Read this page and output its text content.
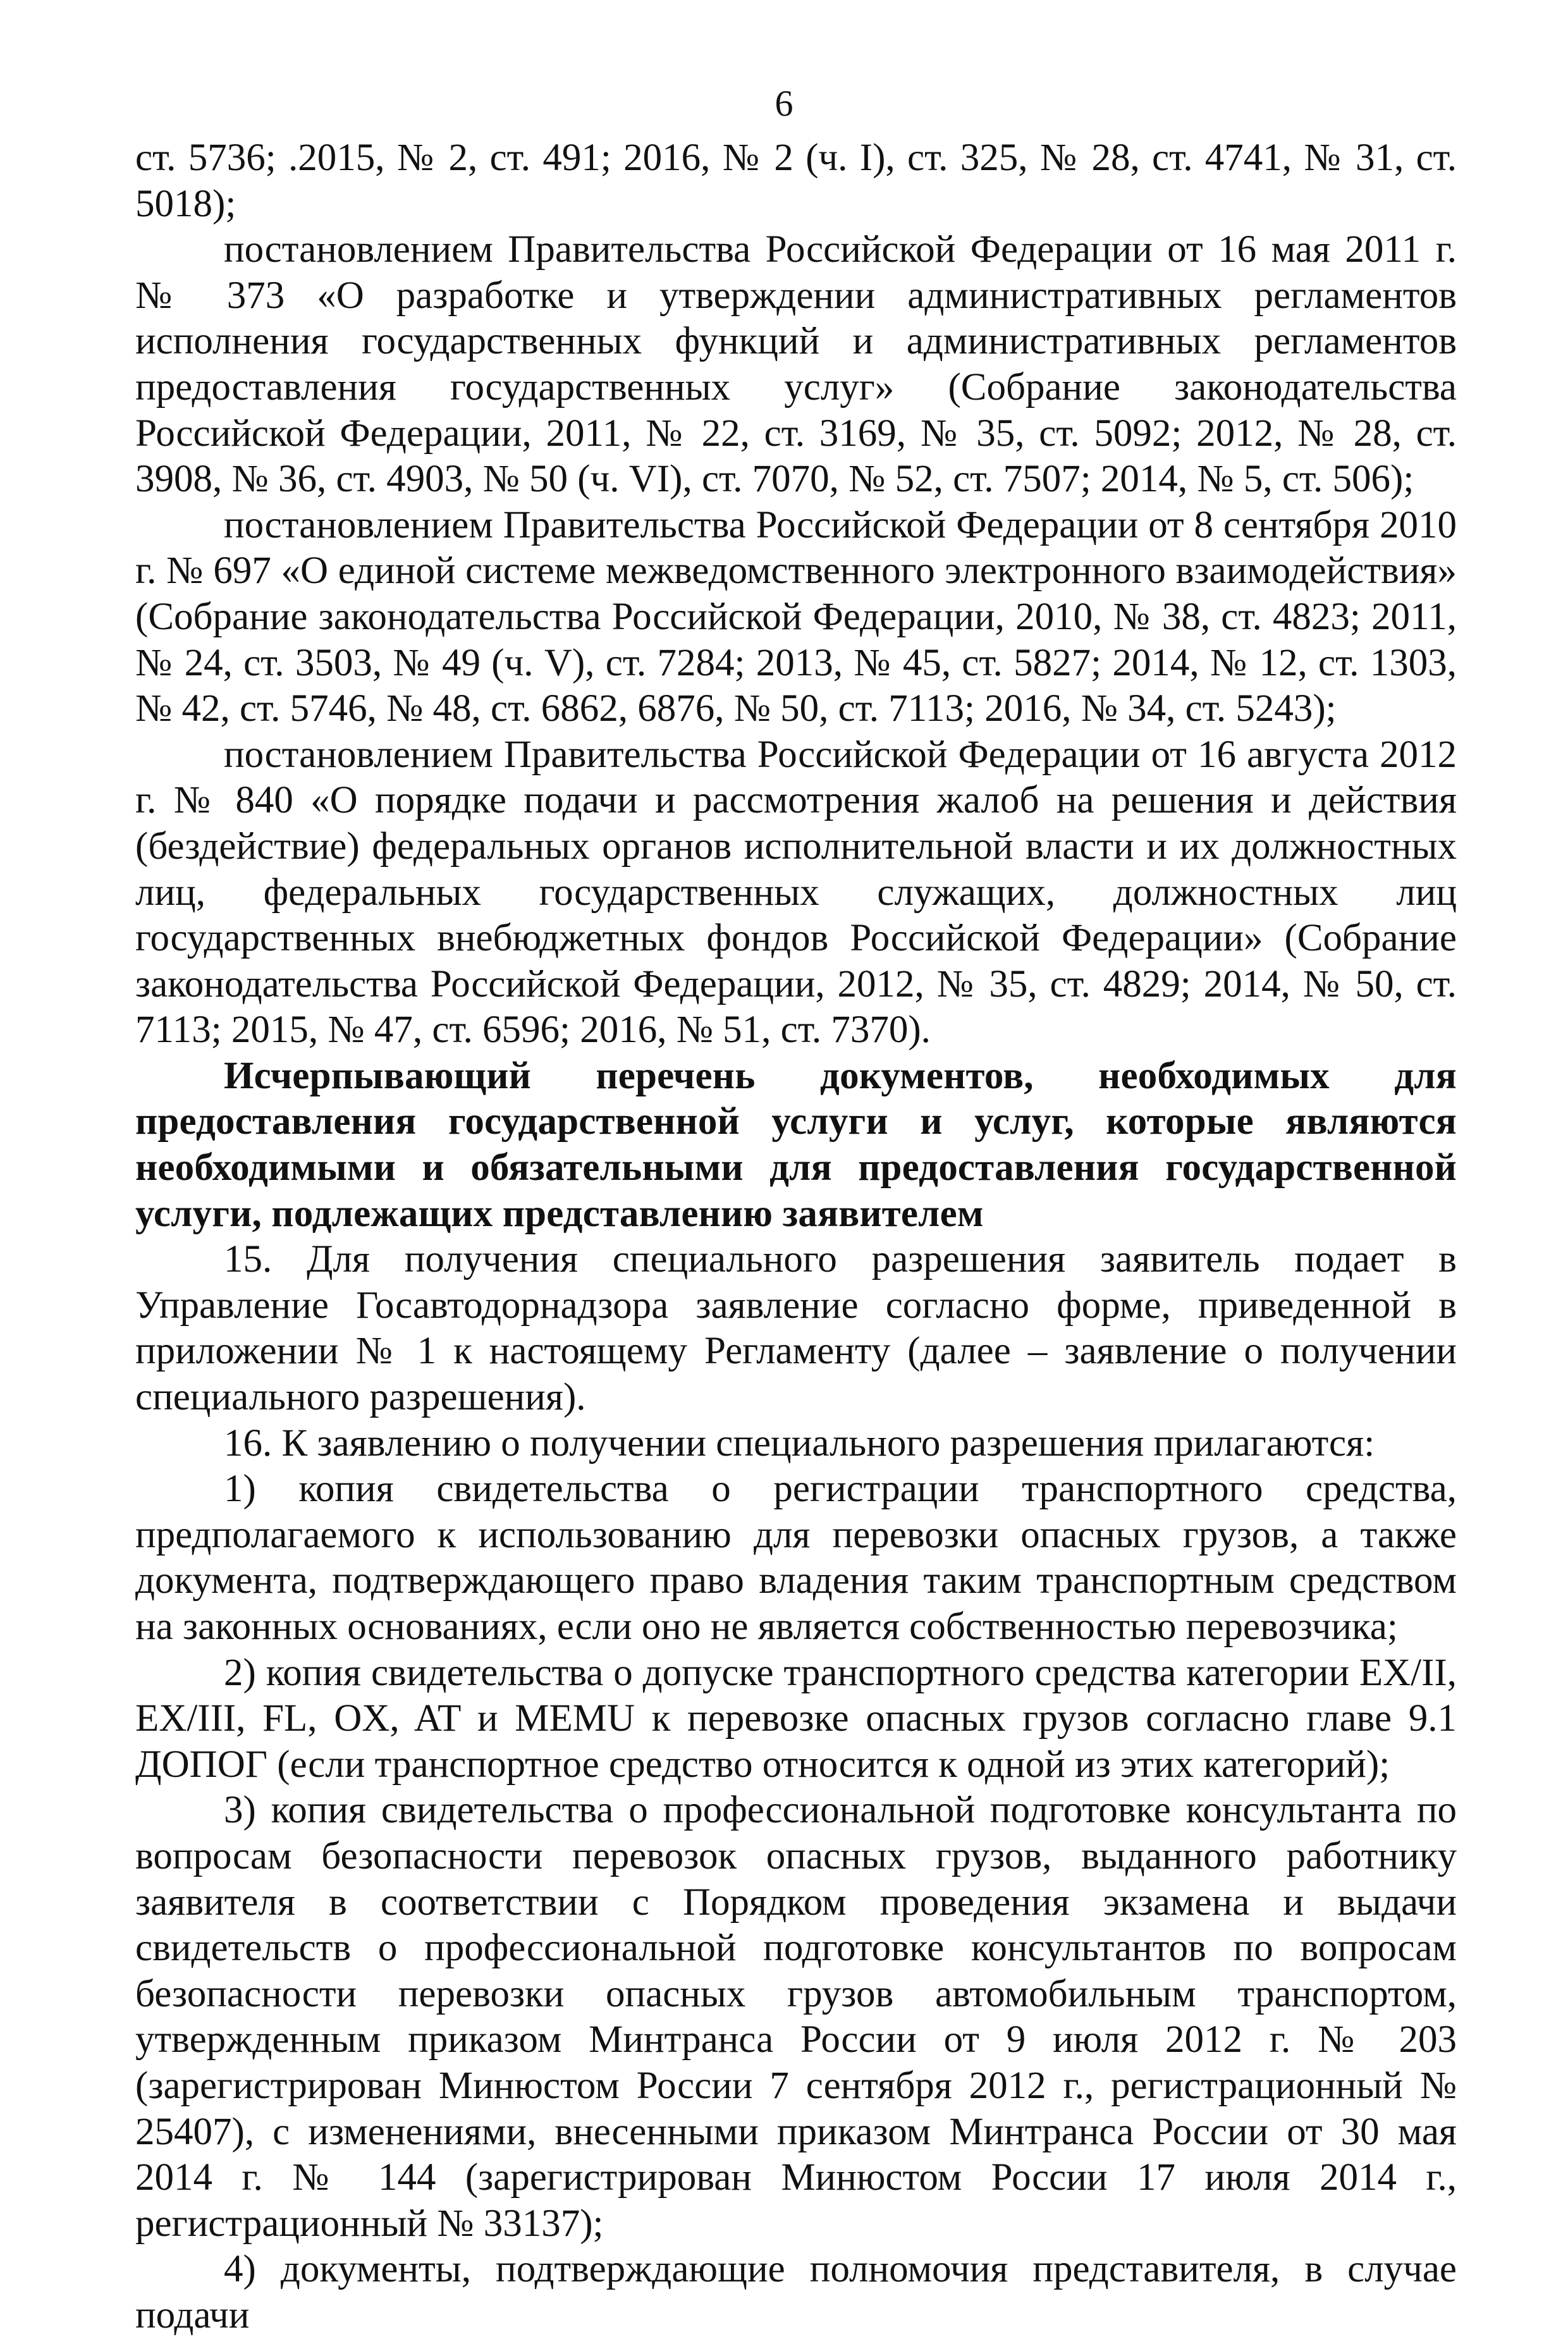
6

ст. 5736; .2015, № 2, ст. 491; 2016, № 2 (ч. I), ст. 325, № 28, ст. 4741, № 31, ст. 5018);

постановлением Правительства Российской Федерации от 16 мая 2011 г. № 373 «О разработке и утверждении административных регламентов исполнения государственных функций и административных регламентов предоставления государственных услуг» (Собрание законодательства Российской Федерации, 2011, № 22, ст. 3169, № 35, ст. 5092; 2012, № 28, ст. 3908, № 36, ст. 4903, № 50 (ч. VI), ст. 7070, № 52, ст. 7507; 2014, № 5, ст. 506);

постановлением Правительства Российской Федерации от 8 сентября 2010 г. № 697 «О единой системе межведомственного электронного взаимодействия» (Собрание законодательства Российской Федерации, 2010, № 38, ст. 4823; 2011, № 24, ст. 3503, № 49 (ч. V), ст. 7284; 2013, № 45, ст. 5827; 2014, № 12, ст. 1303, № 42, ст. 5746, № 48, ст. 6862, 6876, № 50, ст. 7113; 2016, № 34, ст. 5243);

постановлением Правительства Российской Федерации от 16 августа 2012 г. № 840 «О порядке подачи и рассмотрения жалоб на решения и действия (бездействие) федеральных органов исполнительной власти и их должностных лиц, федеральных государственных служащих, должностных лиц государственных внебюджетных фондов Российской Федерации» (Собрание законодательства Российской Федерации, 2012, № 35, ст. 4829; 2014, № 50, ст. 7113; 2015, № 47, ст. 6596; 2016, № 51, ст. 7370).

Исчерпывающий перечень документов, необходимых для предоставления государственной услуги и услуг, которые являются необходимыми и обязательными для предоставления государственной услуги, подлежащих представлению заявителем

15. Для получения специального разрешения заявитель подает в Управление Госавтодорнадзора заявление согласно форме, приведенной в приложении № 1 к настоящему Регламенту (далее – заявление о получении специального разрешения).

16. К заявлению о получении специального разрешения прилагаются:

1) копия свидетельства о регистрации транспортного средства, предполагаемого к использованию для перевозки опасных грузов, а также документа, подтверждающего право владения таким транспортным средством на законных основаниях, если оно не является собственностью перевозчика;

2) копия свидетельства о допуске транспортного средства категории EX/II, EX/III, FL, OX, AT и MEMU к перевозке опасных грузов согласно главе 9.1 ДОПОГ (если транспортное средство относится к одной из этих категорий);

3) копия свидетельства о профессиональной подготовке консультанта по вопросам безопасности перевозок опасных грузов, выданного работнику заявителя в соответствии с Порядком проведения экзамена и выдачи свидетельств о профессиональной подготовке консультантов по вопросам безопасности перевозки опасных грузов автомобильным транспортом, утвержденным приказом Минтранса России от 9 июля 2012 г. № 203 (зарегистрирован Минюстом России 7 сентября 2012 г., регистрационный № 25407), с изменениями, внесенными приказом Минтранса России от 30 мая 2014 г. № 144 (зарегистрирован Минюстом России 17 июля 2014 г., регистрационный № 33137);

4) документы, подтверждающие полномочия представителя, в случае подачи
